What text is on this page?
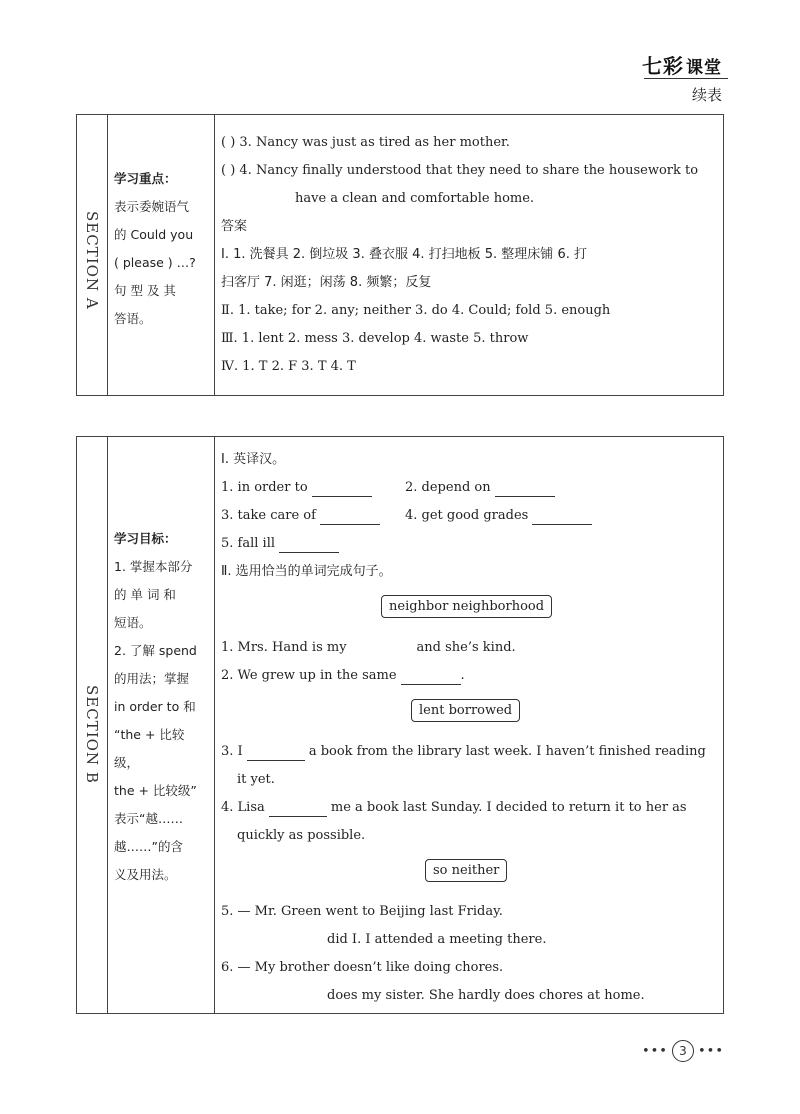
七彩 课堂
续表
SECTION A

学习重点：
表示委婉语气
的 Could you
( please ) …?
句 型 及 其
答语。

( ) 3. Nancy was just as tired as her mother.
( ) 4. Nancy finally understood that they need to share the housework to
have a clean and comfortable home.
答案
Ⅰ. 1. 洗餐具 2. 倒垃圾 3. 叠衣服 4. 打扫地板 5. 整理床铺 6. 打
扫客厅 7. 闲逛；闲荡 8. 频繁；反复
Ⅱ. 1. take; for 2. any; neither 3. do 4. Could; fold 5. enough
Ⅲ. 1. lent 2. mess 3. develop 4. waste 5. throw
Ⅳ. 1. T 2. F 3. T 4. T
SECTION B

学习目标：
1. 掌握本部分
的 单 词 和
短语。
2. 了解 spend
的用法；掌握
in order to 和
“the + 比较级，
the + 比较级”
表示“越……
越……”的含
义及用法。

Ⅰ. 英译汉。
1. in order to	2. depend on
3. take care of	4. get good grades
5. fall ill
Ⅱ. 选用恰当的单词完成句子。
neighbor neighborhood
1. Mrs. Hand is my	and she’s kind.
2. We grew up in the same	.
lent borrowed
3. I	a book from the library last week. I haven’t finished reading
it yet.
4. Lisa	me a book last Sunday. I decided to return it to her as
quickly as possible.
so neither
5. — Mr. Green went to Beijing last Friday.
did I. I attended a meeting there.
6. — My brother doesn’t like doing chores.
does my sister. She hardly does chores at home.
••• 3 •••
